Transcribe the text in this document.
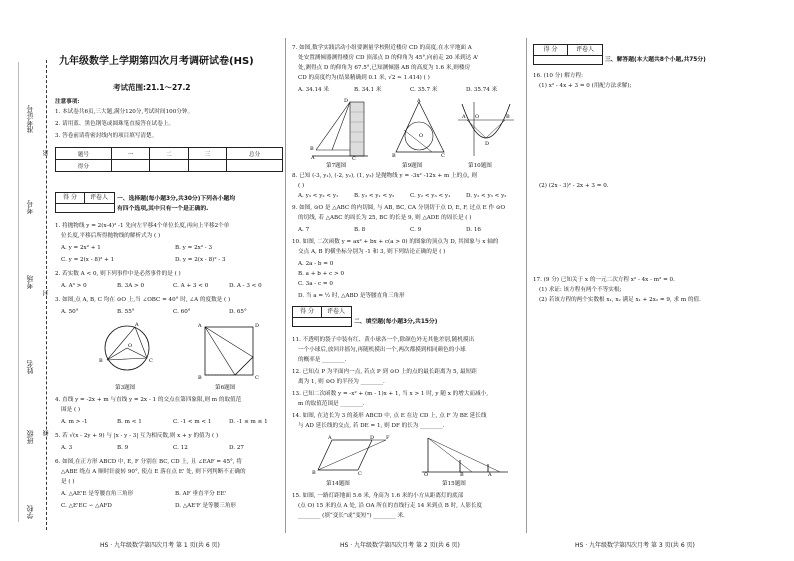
准考证号
考号
考场
姓名
班级
学校
密
封
线
九年级数学上学期第四次月考调研试卷(HS)
考试范围:21.1～27.2
注意事项:
1. 本试卷共6页,三大题,满分120分,考试时间100分钟。
2. 请用蓝、黑色钢笔或圆珠笔直接答在试卷上。
3. 答卷前请将密封线内的项目填写清楚。
题号	一	二	三	总分
得分				
得 分	评卷人	一、选择题(每小题3分,共30分)下列各小题均
有四个选项,其中只有一个是正确的.
1. 将抛物线 y = 2(x-4)² -1 先向左平移4个单位长度,再向上平移2个单
位长度,平移后所得抛物线的解析式为 ( )
A. y = 2x² + 1	B. y = 2x² - 3
C. y = 2(x - 8)² + 1	D. y = 2(x - 8)² - 3
2. 若实数 A < 0, 则下列事件中是必然事件的是 ( )
A. A³ > 0	B. 3A > 0	C. A + 3 < 0	D. A - 3 < 0
3. 如图,点 A, B, C 均在 ⊙O 上,当 ∠OBC = 40° 时, ∠A 的度数是 ( )
A. 50°	B. 55°	C. 60°	D. 65°
B
A
C
O
A	D
B	C
第3题图	第6题图
4. 直线 y = -2x + m 与直线 y = 2x - 1 的交点在第四象限,则 m 的取值范
围是 ( )
A. m > -1	B. m < 1	C. -1 < m < 1	D. -1 ≤ m ≤ 1
5. 若 √(x - 2y + 9) 与 |x - y - 3| 互为相反数,则 x + y 的值为 ( )
A. 3	B. 9	C. 12	D. 27
6. 如图,在正方形 ABCD 中, E, F 分别在 BC, CD 上, 且 ∠EAF = 45°, 将
△ABE 绕点 A 顺时针旋转 90°, 使点 E 落在点 E' 处, 则下列判断不正确的
是 ( )
A. △AE'E 是等腰直角三角形	B. AF 垂直平分 EE'
C. △E'EC ∽ △AFD	D. △AE'F 是等腰三角形
7. 如图,数学实践活动小组要测量学校附近楼房 CD 的高度,在水平地面 A
处安置测倾器测得楼房 CD 顶部点 D 的仰角为 45°,向前走 20 米到达 A'
处,测得点 D 的仰角为 67.5°,已知测倾器 AB 的高度为 1.6 米,则楼房
CD 的高度约为(结果精确到 0.1 米, √2 ≈ 1.414) ( )
A. 34.14 米	B. 34.1 米	C. 35.7 米	D. 35.74 米
D
B
A	C
A
B	C
O
A	B
D
O
第7题图	第9题图	第10题图
8. 已知 (-3, y₁), (-2, y₂), (1, y₃) 是抛物线 y = -3x² -12x + m 上的点, 则
( )
A. y₃ < y₂ < y₁	B. y₃ < y₁ < y₂	C. y₂ < y₃ < y₁	D. y₁ < y₃ < y₂
9. 如图, ⊙O 是 △ABC 的内切圆, 与 AB, BC, CA 分别切于点 D, E, F, 过点 E 作 ⊙O
的切线, 若 △ABC 的周长为 25, BC 的长是 9, 则 △ADE 的周长是 ( )
A. 7	B. 8	C. 9	D. 16
10. 如图, 二次函数 y = ax² + bx + c(a > 0) 的图象的顶点为 D, 其图象与 x 轴的
交点 A, B 的横坐标分别为 -1 和 3, 则下列结论正确的是 ( )
A. 2a - b = 0
B. a + b + c > 0
C. 3a - c = 0
D. 当 a = ½ 时, △ABD 是等腰直角三角形
得 分	评卷人
二、填空题(每小题3分,共15分)
11. 不透明的袋子中装有红、黄小球各一个,除颜色外无其他差别,随机摸出
一个小球后,放回并摇匀,再随机摸出一个,两次都摸到相同颜色的小球
的概率是 ________.
12. 已知点 P 为平面内一点, 若点 P 到 ⊙O 上的点的最长距离为 5, 最短距
离为 1, 则 ⊙O 的半径为 ________.
13. 已知二次函数 y = -x² + (m - 1)x + 1, 当 x > 1 时, y 随 x 的增大而减小,
m 的取值范围是 ________.
14. 如图, 在边长为 3 的菱形 ABCD 中, 点 E 在边 CD 上, 点 F 为 BE 延长线
与 AD 延长线的交点, 若 DE = 1, 则 DF 的长为 ________.
A	D F
B	C	O	B	A
第14题图	第15题图
15. 如图, 一路灯距地面 5.6 米, 身高为 1.6 米的小方从距离灯的底部
(点 O) 15 米的点 A 处, 沿 OA 所在的直线行走 14 米到点 B 时, 人影长度
________ (填“变长”或“变短”) ________ 米.
得 分	评卷人
三、解答题(本大题共8个小题,共75分)
16. (10 分) 解方程:
(1) x² - 4x + 3 = 0 (用配方法求解);
(2) (2x - 3)² - 2x + 3 = 0.
17. (9 分) 已知关于 x 的一元二次方程 x² - 4x - m² = 0.
(1) 求证: 该方程有两个不等实根;
(2) 若该方程的两个实数根 x₁, x₂ 满足 x₁ + 2x₂ = 9, 求 m 的值.
HS · 九年级数学第四次月考 第 1 页(共 6 页)	HS · 九年级数学第四次月考 第 2 页(共 6 页)	HS · 九年级数学第四次月考 第 3 页(共 6 页)
